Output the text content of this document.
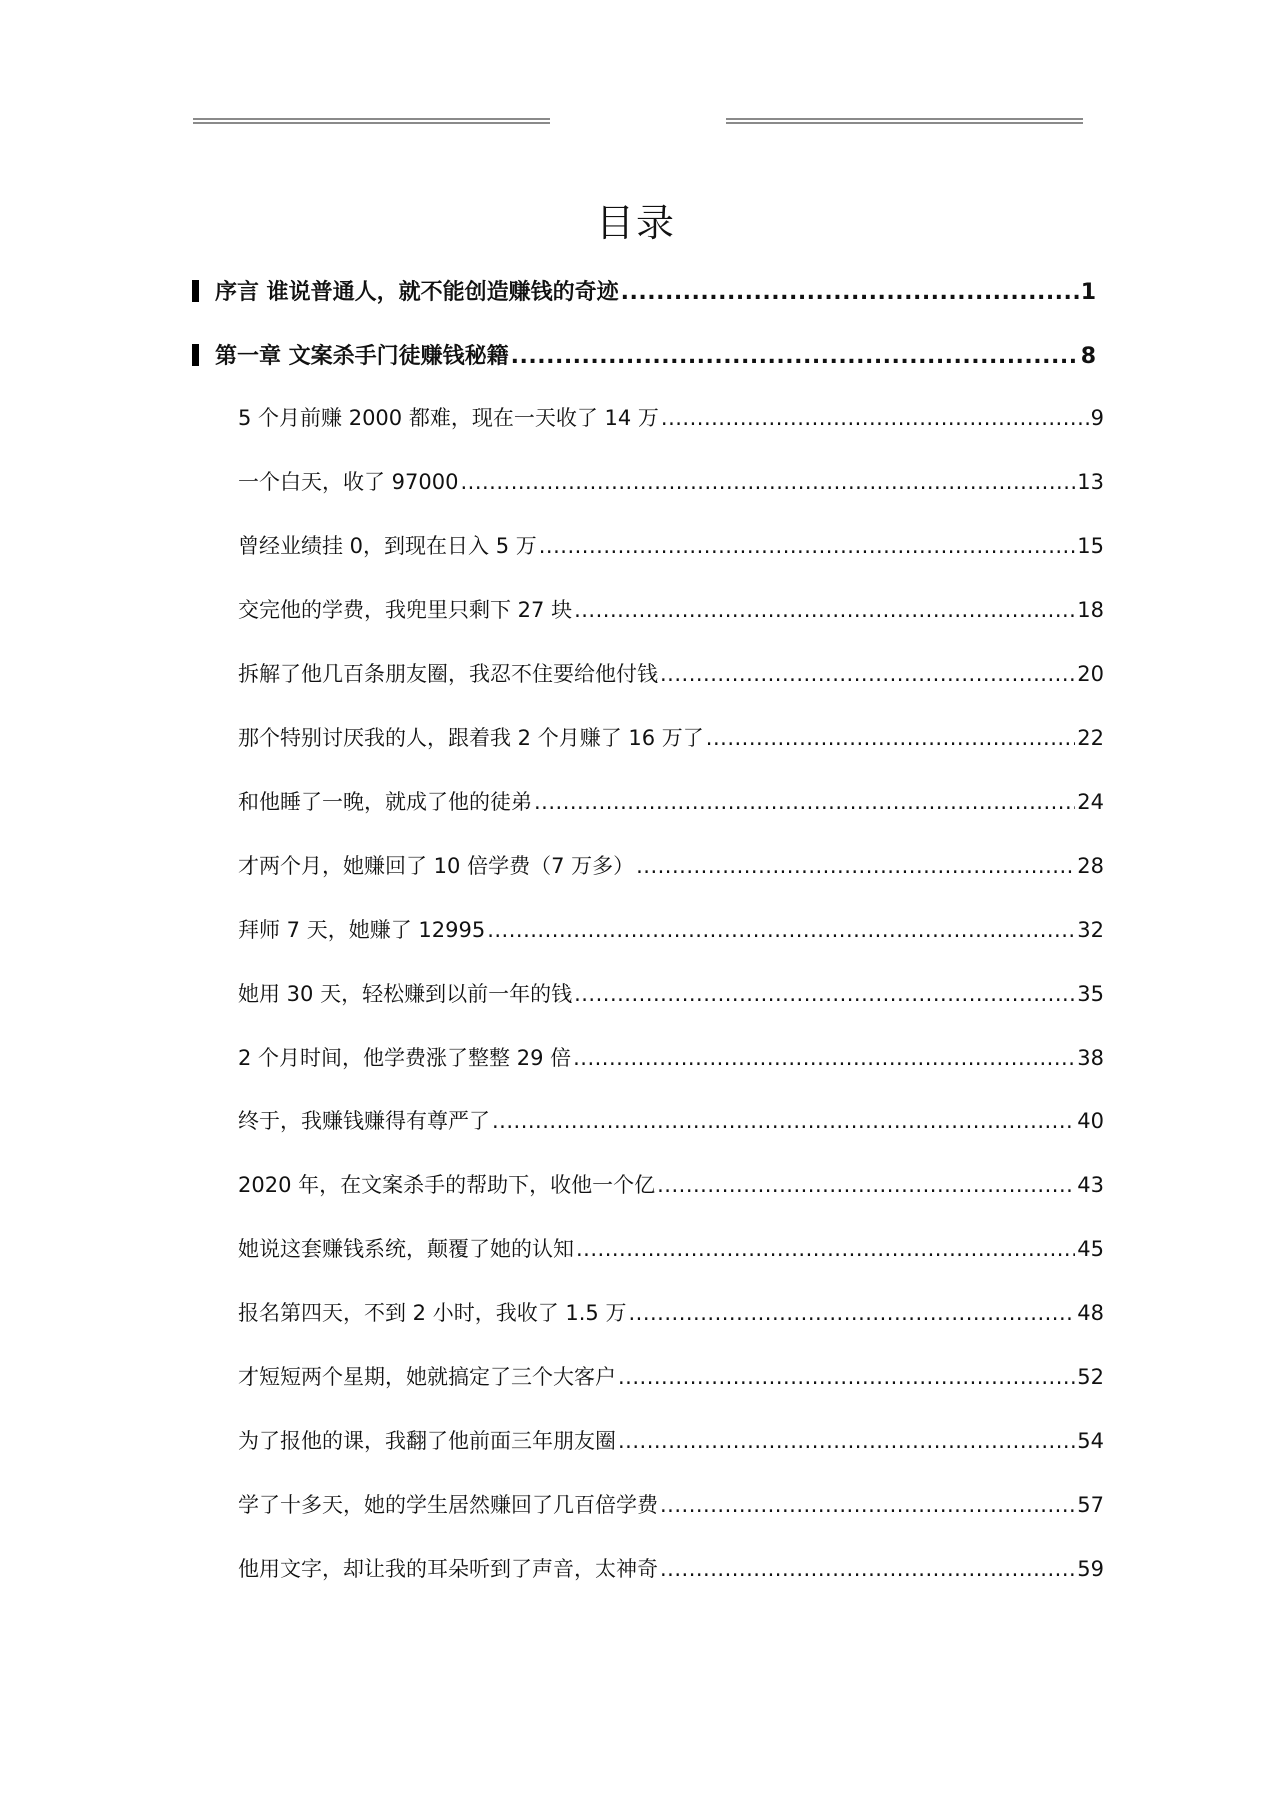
目录
序言 谁说普通人，就不能创造赚钱的奇迹 .....	1
第一章 文案杀手门徒赚钱秘籍 .....	8
5 个月前赚 2000 都难，现在一天收了 14 万 .....	9
一个白天，收了 97000 .....	13
曾经业绩挂 0，到现在日入 5 万 .....	15
交完他的学费，我兜里只剩下 27 块 .....	18
拆解了他几百条朋友圈，我忍不住要给他付钱 .....	20
那个特别讨厌我的人，跟着我 2 个月赚了 16 万了 .....	22
和他睡了一晚，就成了他的徒弟 .....	24
才两个月，她赚回了 10 倍学费（7 万多） .....	28
拜师 7 天，她赚了 12995 .....	32
她用 30 天，轻松赚到以前一年的钱 .....	35
2 个月时间，他学费涨了整整 29 倍 .....	38
终于，我赚钱赚得有尊严了 .....	40
2020 年，在文案杀手的帮助下，收他一个亿 .....	43
她说这套赚钱系统，颠覆了她的认知 .....	45
报名第四天，不到 2 小时，我收了 1.5 万 .....	48
才短短两个星期，她就搞定了三个大客户 .....	52
为了报他的课，我翻了他前面三年朋友圈 .....	54
学了十多天，她的学生居然赚回了几百倍学费 .....	57
他用文字，却让我的耳朵听到了声音，太神奇 .....	59
